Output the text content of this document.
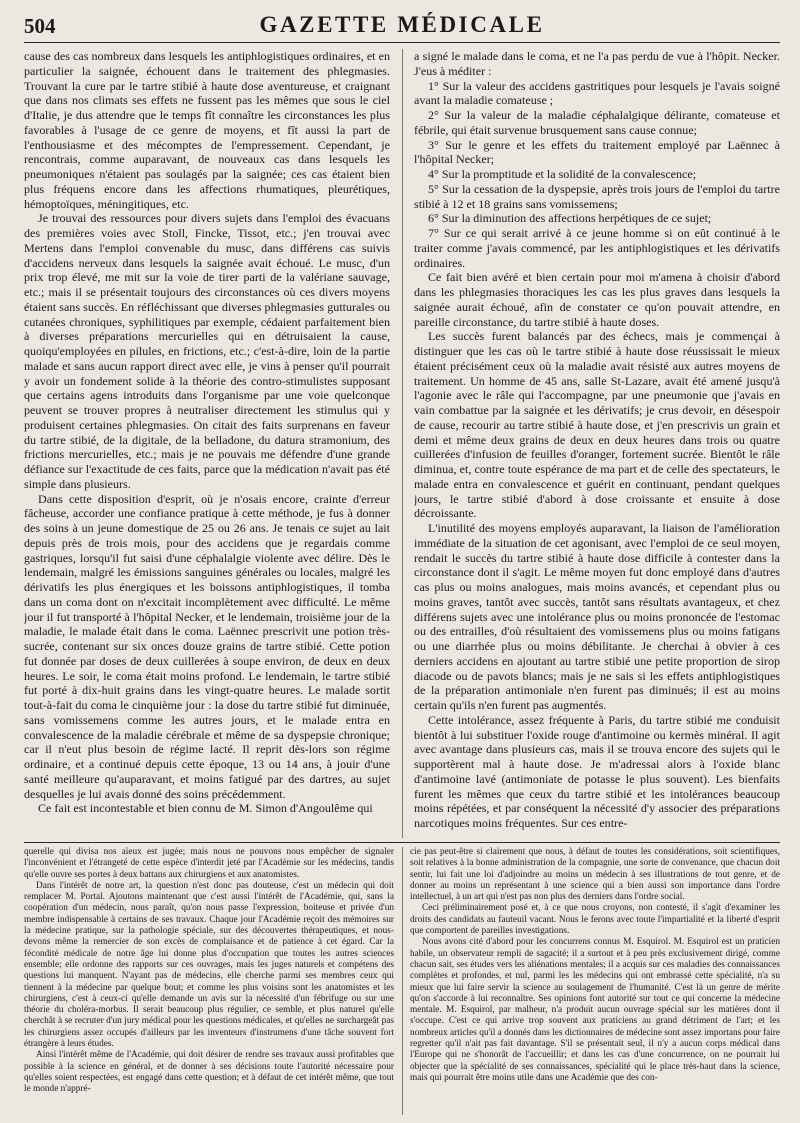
504	GAZETTE MÉDICALE

cause des cas nombreux dans lesquels les antiphlogistiques ordinaires, et en particulier la saignée, échouent dans le traitement des phlegmasies. Trouvant la cure par le tartre stibié à haute dose aventureuse, et craignant que dans nos climats ses effets ne fussent pas les mêmes que sous le ciel d'Italie, je dus attendre que le temps fît connaître les circonstances les plus favorables à l'usage de ce genre de moyens, et fît aussi la part de l'enthousiasme et des mécomptes de l'empressement. Cependant, je rencontrais, comme auparavant, de nouveaux cas dans lesquels les pneumoniques n'étaient pas soulagés par la saignée; ces cas étaient bien plus fréquens encore dans les affections rhumatiques, pleurétiques, hémoptoïques, méningitiques, etc.

Je trouvai des ressources pour divers sujets dans l'emploi des évacuans des premières voies avec Stoll, Fincke, Tissot, etc.; j'en trouvai avec Mertens dans l'emploi convenable du musc, dans différens cas suivis d'accidens nerveux dans lesquels la saignée avait échoué. Le musc, d'un prix trop élevé, me mit sur la voie de tirer parti de la valériane sauvage, etc.; mais il se présentait toujours des circonstances où ces divers moyens étaient sans succès. En réfléchissant que diverses phlegmasies gutturales ou cutanées chroniques, syphilitiques par exemple, cédaient parfaitement bien à diverses préparations mercurielles qui en détruisaient la cause, quoiqu'employées en pilules, en frictions, etc.; c'est-à-dire, loin de la partie malade et sans aucun rapport direct avec elle, je vins à penser qu'il pourrait y avoir un fondement solide à la théorie des contro-stimulistes supposant que certains agens introduits dans l'organisme par une voie quelconque peuvent se trouver propres à neutraliser directement les stimulus qui y produisent certaines phlegmasies. On citait des faits surprenans en faveur du tartre stibié, de la digitale, de la belladone, du datura stramonium, des frictions mercurielles, etc.; mais je ne pouvais me défendre d'une grande défiance sur l'exactitude de ces faits, parce que la médication n'avait pas été simple dans plusieurs.

Dans cette disposition d'esprit, où je n'osais encore, crainte d'erreur fâcheuse, accorder une confiance pratique à cette méthode, je fus à donner des soins à un jeune domestique de 25 ou 26 ans. Je tenais ce sujet au lait depuis près de trois mois, pour des accidens que je regardais comme gastriques, lorsqu'il fut saisi d'une céphalalgie violente avec délire. Dès le lendemain, malgré les émissions sanguines générales ou locales, malgré les dérivatifs les plus énergiques et les boissons antiphlogistiques, il tomba dans un coma dont on n'excitait incomplètement avec difficulté. Le même jour il fut transporté à l'hôpital Necker, et le lendemain, troisième jour de la maladie, le malade était dans le coma. Laënnec prescrivit une potion très-sucrée, contenant sur six onces douze grains de tartre stibié. Cette potion fut donnée par doses de deux cuillerées à soupe environ, de deux en deux heures. Le soir, le coma était moins profond. Le lendemain, le tartre stibié fut porté à dix-huit grains dans les vingt-quatre heures. Le malade sortit tout-à-fait du coma le cinquième jour : la dose du tartre stibié fut diminuée, sans vomissemens comme les autres jours, et le malade entra en convalescence de la maladie cérébrale et même de sa dyspepsie chronique; car il n'eut plus besoin de régime lacté. Il reprit dès-lors son régime ordinaire, et a continué depuis cette époque, 13 ou 14 ans, à jouir d'une santé meilleure qu'auparavant, et moins fatigué par des dartres, au sujet desquelles je lui avais donné des soins précédemment.

Ce fait est incontestable et bien connu de M. Simon d'Angoulême qui

a signé le malade dans le coma, et ne l'a pas perdu de vue à l'hôpit. Necker. J'eus à méditer :

1° Sur la valeur des accidens gastritiques pour lesquels je l'avais soigné avant la maladie comateuse ;

2° Sur la valeur de la maladie céphalalgique délirante, comateuse et fébrile, qui était survenue brusquement sans cause connue;

3° Sur le genre et les effets du traitement employé par Laënnec à l'hôpital Necker;

4° Sur la promptitude et la solidité de la convalescence;

5° Sur la cessation de la dyspepsie, après trois jours de l'emploi du tartre stibié à 12 et 18 grains sans vomissemens;

6° Sur la diminution des affections herpétiques de ce sujet;

7° Sur ce qui serait arrivé à ce jeune homme si on eût continué à le traiter comme j'avais commencé, par les antiphlogistiques et les dérivatifs ordinaires.

Ce fait bien avéré et bien certain pour moi m'amena à choisir d'abord dans les phlegmasies thoraciques les cas les plus graves dans lesquels la saignée aurait échoué, afin de constater ce qu'on pouvait attendre, en pareille circonstance, du tartre stibié à haute doses.

Les succès furent balancés par des échecs, mais je commençai à distinguer que les cas où le tartre stibié à haute dose réussissait le mieux étaient précisément ceux où la maladie avait résisté aux autres moyens de traitement. Un homme de 45 ans, salle St-Lazare, avait été amené jusqu'à l'agonie avec le râle qui l'accompagne, par une pneumonie que j'avais en vain combattue par la saignée et les dérivatifs; je crus devoir, en désespoir de cause, recourir au tartre stibié à haute dose, et j'en prescrivis un grain et demi et même deux grains de deux en deux heures dans trois ou quatre cuillerées d'infusion de feuilles d'oranger, fortement sucrée. Bientôt le râle diminua, et, contre toute espérance de ma part et de celle des spectateurs, le malade entra en convalescence et guérit en continuant, pendant quelques jours, le tartre stibié d'abord à dose croissante et ensuite à dose décroissante.

L'inutilité des moyens employés auparavant, la liaison de l'amélioration immédiate de la situation de cet agonisant, avec l'emploi de ce seul moyen, rendait le succès du tartre stibié à haute dose difficile à contester dans la circonstance dont il s'agit. Le même moyen fut donc employé dans d'autres cas plus ou moins analogues, mais moins avancés, et cependant plus ou moins graves, tantôt avec succès, tantôt sans résultats avantageux, et chez différens sujets avec une intolérance plus ou moins prononcée de l'estomac ou des entrailles, d'où résultaient des vomissemens plus ou moins fatigans ou une diarrhée plus ou moins débilitante. Je cherchai à obvier à ces derniers accidens en ajoutant au tartre stibié une petite proportion de sirop diacode ou de pavots blancs; mais je ne sais si les effets antiphlogistiques de la préparation antimoniale n'en furent pas diminués; il est au moins certain qu'ils n'en furent pas augmentés.

Cette intolérance, assez fréquente à Paris, du tartre stibié me conduisit bientôt à lui substituer l'oxide rouge d'antimoine ou kermès minéral. Il agit avec avantage dans plusieurs cas, mais il se trouva encore des sujets qui le supportèrent mal à haute dose. Je m'adressai alors à l'oxide blanc d'antimoine lavé (antimoniate de potasse le plus souvent). Les bienfaits furent les mêmes que ceux du tartre stibié et les intolérances beaucoup moins répétées, et par conséquent la nécessité d'y associer des préparations narcotiques moins fréquentes. Sur ces entre-

querelle qui divisa nos aïeux est jugée; mais nous ne pouvons nous empêcher de signaler l'inconvénient et l'étrangeté de cette espèce d'interdit jeté par l'Académie sur les médecins, tandis qu'elle ouvre ses portes à deux battans aux chirurgiens et aux anatomistes.

Dans l'intérêt de notre art, la question n'est donc pas douteuse, c'est un médecin qui doit remplacer M. Portal. Ajoutons maintenant que c'est aussi l'intérêt de l'Académie, qui, sans la coopération d'un médecin, nous paraît, qu'on nous passe l'expression, boiteuse et privée d'un membre indispensable à certains de ses travaux. Chaque jour l'Académie reçoit des mémoires sur la médecine pratique, sur la pathologie spéciale, sur des découvertes thérapeutiques, et nous-devons même la remercier de son excès de complaisance et de patience à cet égard. Car la fécondité médicale de notre âge lui donne plus d'occupation que toutes les autres sciences ensemble; elle ordonne des rapports sur ces ouvrages, mais les juges naturels et compétens des questions lui manquent. N'ayant pas de médecins, elle cherche parmi ses membres ceux qui tiennent à la médecine par quelque bout; et comme les plus voisins sont les anatomistes et les chirurgiens, c'est à ceux-ci qu'elle demande un avis sur la nécessité d'un fébrifuge ou sur une théorie du choléra-morbus. Il serait beaucoup plus régulier, ce semble, et plus naturel qu'elle cherchât à se recruter d'un jury médical pour les questions médicales, et qu'elles ne surchargeât pas les chirurgiens assez occupés d'ailleurs par les inventeurs d'instrumens d'une tâche souvent fort étrangère à leurs études.

Ainsi l'intérêt même de l'Académie, qui doit désirer de rendre ses travaux aussi profitables que possible à la science en général, et de donner à ses décisions toute l'autorité nécessaire pour qu'elles soient respectées, est engagé dans cette question; et à défaut de cet intérêt même, que tout le monde n'appré-

cie pas peut-être si clairement que nous, à défaut de toutes les considérations, soit scientifiques, soit relatives à la bonne administration de la compagnie, une sorte de convenance, que chacun doit sentir, lui fait une loi d'adjoindre au moins un médecin à ses illustrations de tout genre, et de donner au moins un représentant à une science qui a bien aussi son importance dans l'ordre intellectuel, à un art qui n'est pas non plus des derniers dans l'ordre social.

Ceci préliminairement posé et, à ce que nous croyons, non contesté, il s'agit d'examiner les droits des candidats au fauteuil vacant. Nous le ferons avec toute l'impartialité et la liberté d'esprit que comportent de pareilles investigations.

Nous avons cité d'abord pour les concurrens connus M. Esquirol. M. Esquirol est un praticien habile, un observateur rempli de sagacité; il a surtout et à peu près exclusivement dirigé, comme chacun sait, ses études vers les aliénations mentales; il a acquis sur ces maladies des connaissances complètes et profondes, et nul, parmi les les médecins qui ont embrassé cette spécialité, n'a su mieux que lui faire servir la science au soulagement de l'humanité. C'est là un genre de mérite qu'on s'accorde à lui reconnaître. Ses opinions font autorité sur tout ce qui concerne la médecine mentale. M. Esquirol, par malheur, n'a produit aucun ouvrage spécial sur les matières dont il s'occupe. C'est ce qui arrive trop souvent aux praticiens au grand détriment de l'art; et les nombreux articles qu'il a donnés dans les dictionnaires de médecine sont assez importans pour faire regretter qu'il n'ait pas fait davantage. S'il se présentait seul, il n'y a aucun corps médical dans l'Europe qui ne s'honorât de l'accueillir; et dans les cas d'une concurrence, on ne pourrait lui objecter que la spécialité de ses connaissances, spécialité qui le place très-haut dans la science, mais qui pourrait être moins utile dans une Académie que des con-
